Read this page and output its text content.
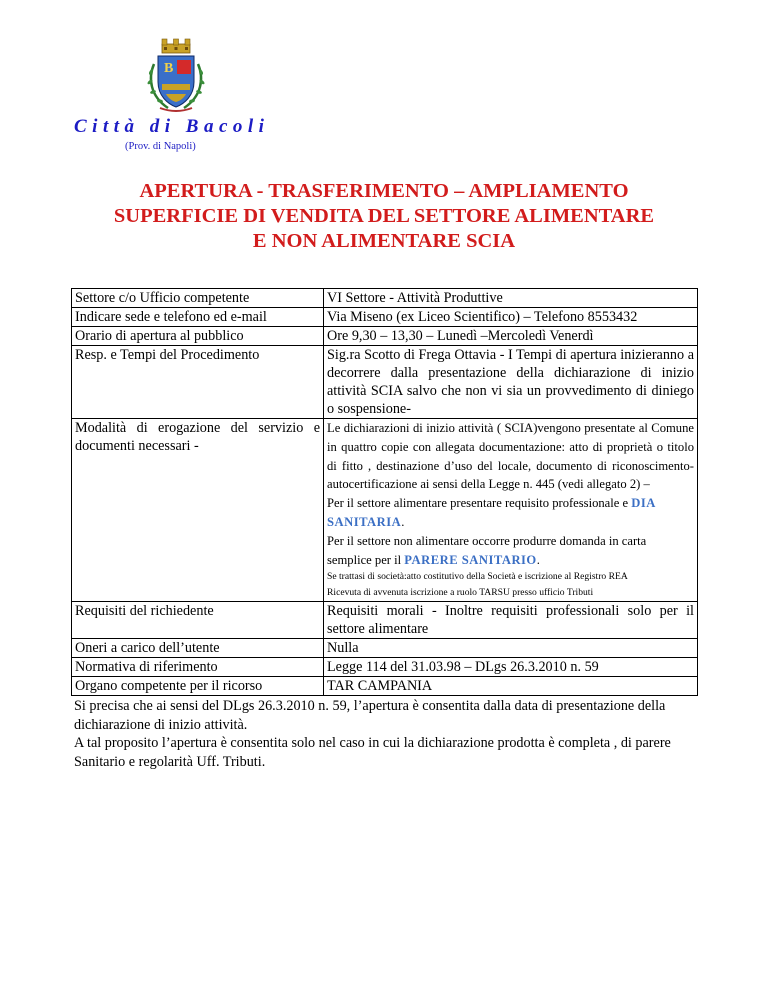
B
Città di Bacoli
(Prov. di Napoli)
APERTURA - TRASFERIMENTO – AMPLIAMENTO
SUPERFICIE DI VENDITA DEL SETTORE ALIMENTARE
E NON ALIMENTARE SCIA
Settore c/o Ufficio competente	VI Settore - Attività Produttive
Indicare sede e telefono ed e-mail	Via Miseno (ex Liceo Scientifico) – Telefono 8553432
Orario di apertura al pubblico	Ore 9,30 – 13,30 – Lunedì –Mercoledì Venerdì
Resp. e Tempi del Procedimento	Sig.ra Scotto di Frega Ottavia - I Tempi di apertura inizieranno a decorrere dalla presentazione della dichiarazione di inizio attività SCIA salvo che non vi sia un provvedimento di diniego o sospensione-
Modalità di erogazione del servizio e documenti necessari -	Le dichiarazioni di inizio attività ( SCIA)vengono presentate al Comune in quattro copie con allegata documentazione: atto di proprietà o titolo di fitto , destinazione d’uso del locale, documento di riconoscimento- autocertificazione ai sensi della Legge n. 445 (vedi allegato 2) –
Per il settore alimentare presentare requisito professionale e DIA SANITARIA.
Per il settore non alimentare occorre produrre domanda in carta semplice per il PARERE SANITARIO.
Se trattasi di società:atto costitutivo della Società e iscrizione al Registro REA
Ricevuta di avvenuta iscrizione a ruolo TARSU presso ufficio Tributi

Requisiti del richiedente	Requisiti morali - Inoltre requisiti professionali solo per il settore alimentare
Oneri a carico dell’utente	Nulla
Normativa di riferimento	Legge 114 del 31.03.98 – DLgs 26.3.2010 n. 59
Organo competente per il ricorso	TAR CAMPANIA

Si precisa che ai sensi del DLgs 26.3.2010 n. 59, l’apertura è consentita dalla data di presentazione della dichiarazione di inizio attività.

A tal proposito l’apertura è consentita solo nel caso in cui la dichiarazione prodotta è completa , di parere Sanitario e regolarità Uff. Tributi.
